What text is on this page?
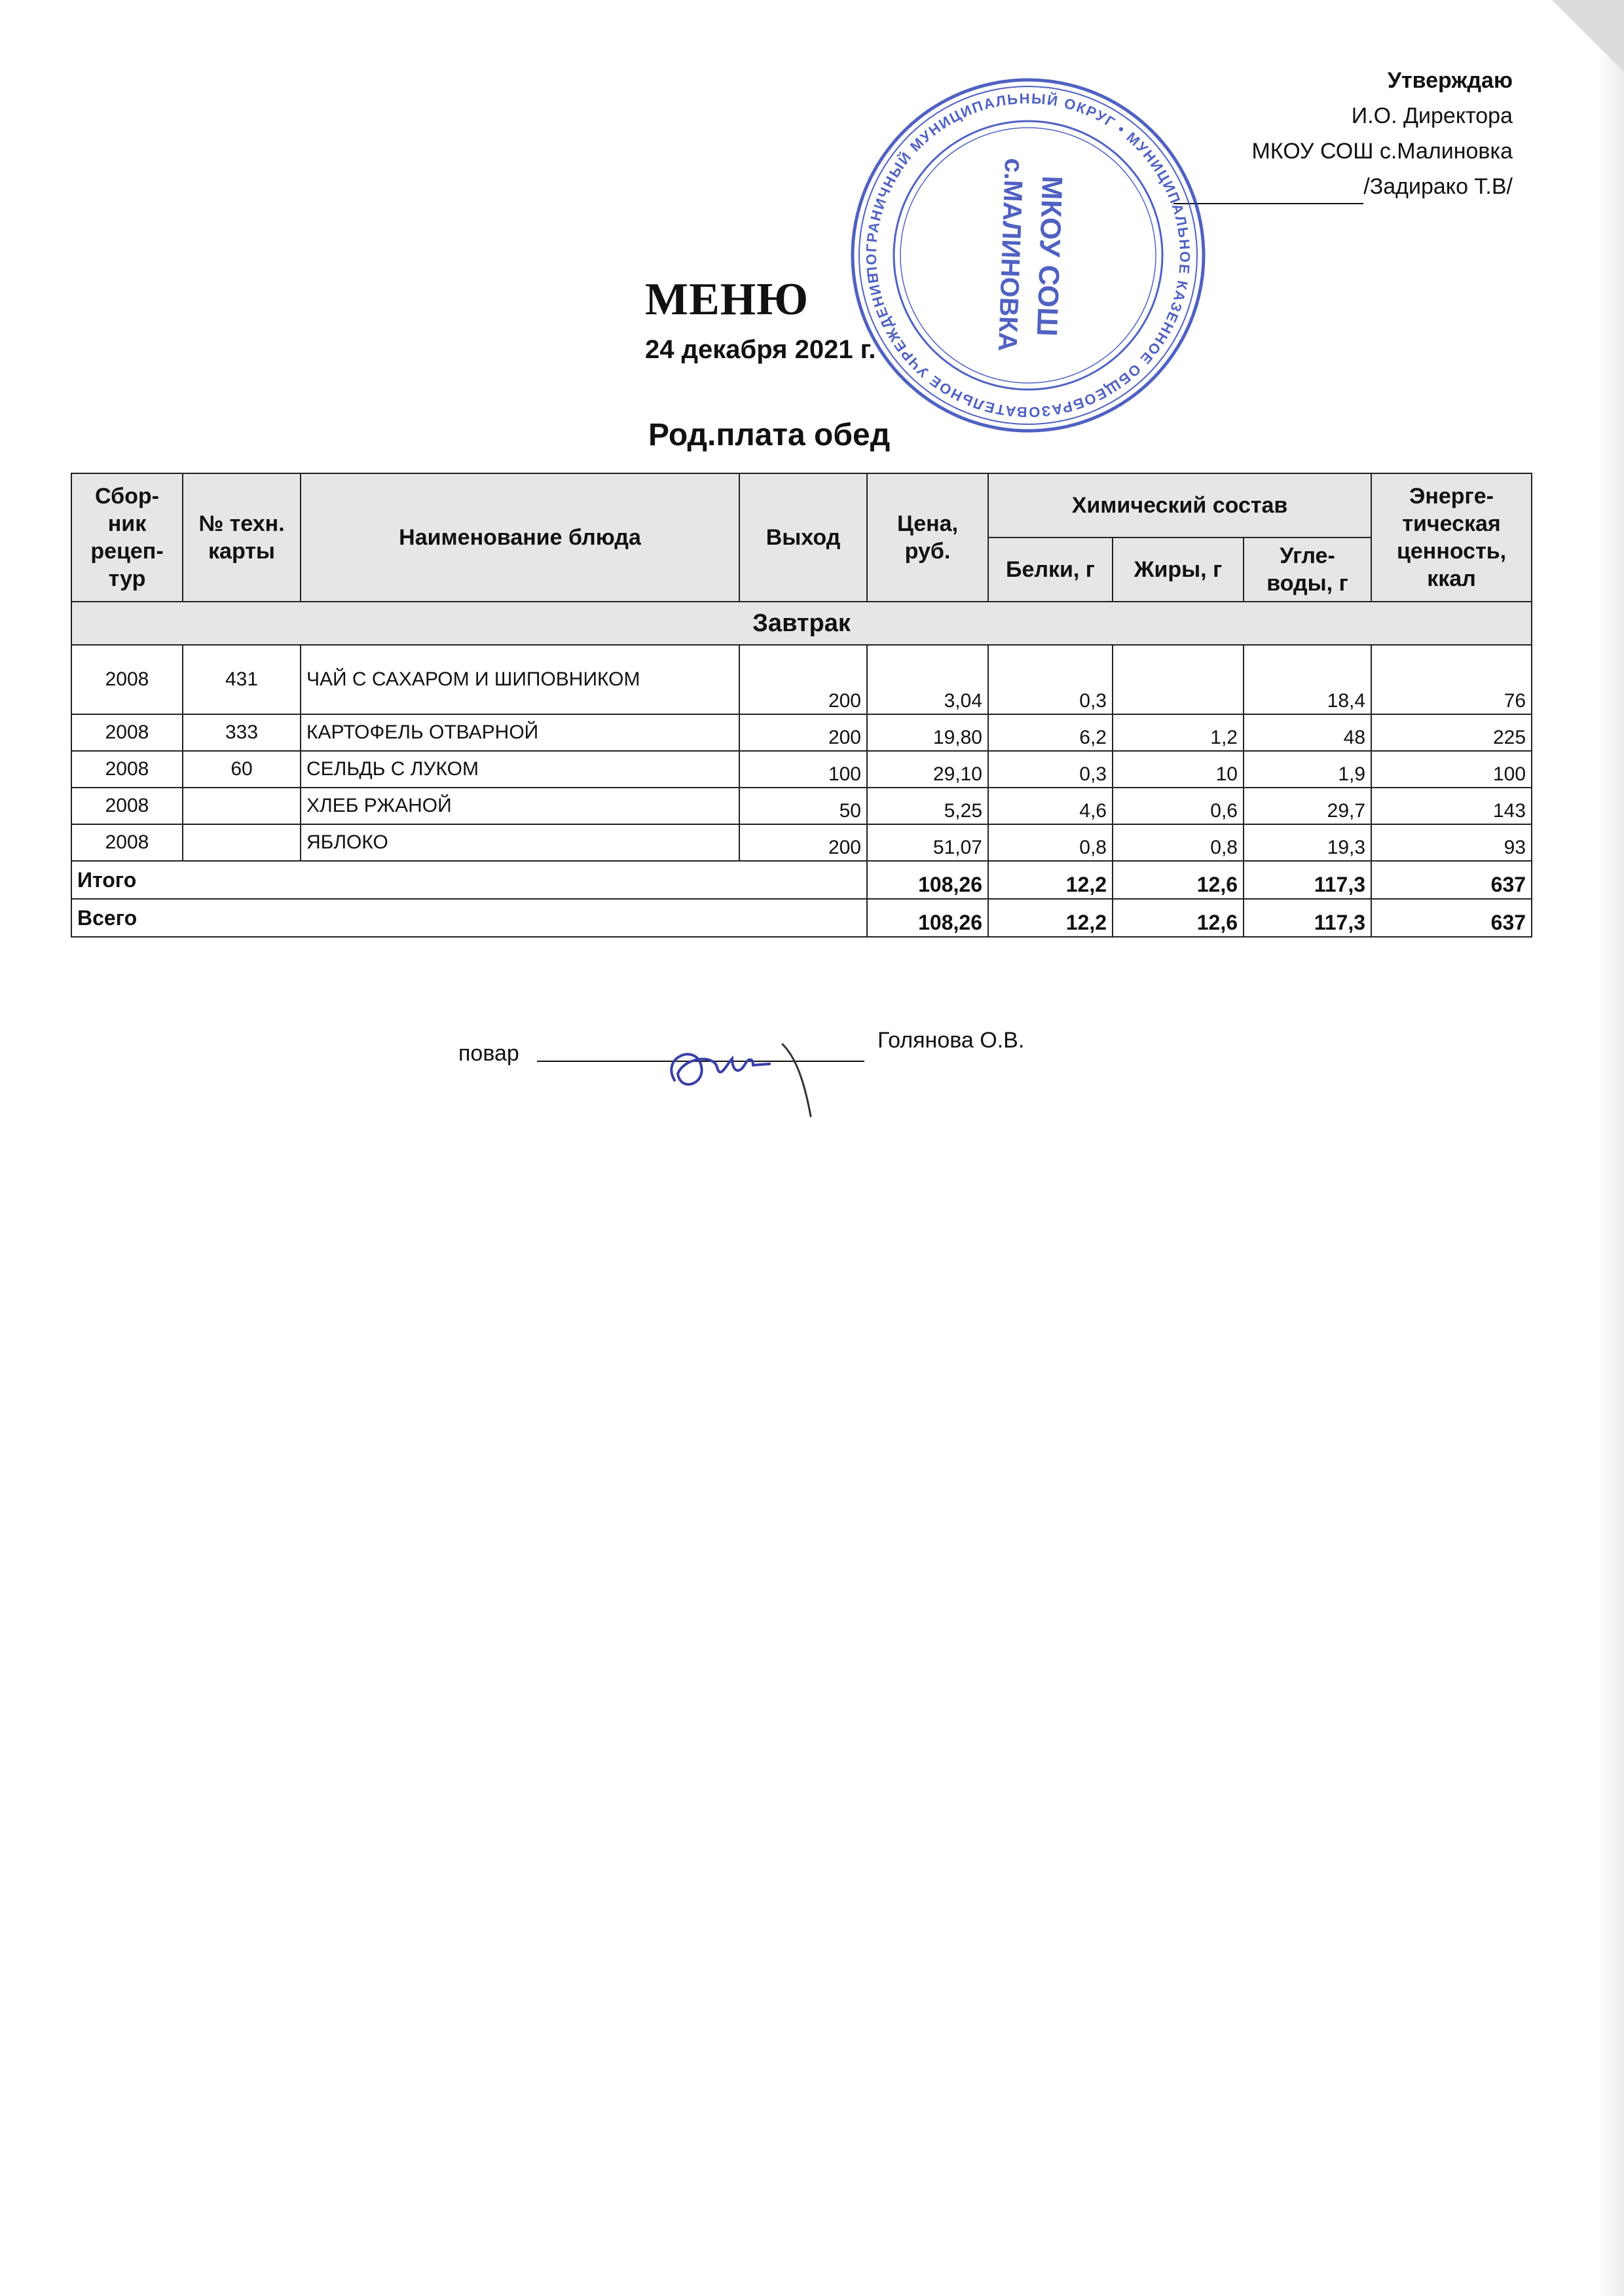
Утверждаю
И.О. Директора
МКОУ СОШ с.Малиновка
/Задирако Т.В/
МЕНЮ
24 декабря 2021 г.
Род.плата обед
Сбор-ник рецеп-тур	№ техн. карты	Наименование блюда	Выход	Цена, руб.	Химический состав			Энерге-тическая ценность, ккал
					Белки, г	Жиры, г	Угле-воды, г	
Завтрак								
2008	431	ЧАЙ С САХАРОМ И ШИПОВНИКОМ	200	3,04	0,3		18,4	76
2008	333	КАРТОФЕЛЬ ОТВАРНОЙ	200	19,80	6,2	1,2	48	225
2008	60	СЕЛЬДЬ С ЛУКОМ	100	29,10	0,3	10	1,9	100
2008		ХЛЕБ РЖАНОЙ	50	5,25	4,6	0,6	29,7	143
2008		ЯБЛОКО	200	51,07	0,8	0,8	19,3	93
Итого				108,26	12,2	12,6	117,3	637
Всего				108,26	12,2	12,6	117,3	637
повар
Голянова О.В.
ПОГРАНИЧНЫЙ МУНИЦИПАЛЬНЫЙ ОКРУГ • МУНИЦИПАЛЬНОЕ КАЗЕННОЕ ОБЩЕОБРАЗОВАТЕЛЬНОЕ УЧРЕЖДЕНИЕ	МКОУ СОШ
с.МАЛИНОВКА
